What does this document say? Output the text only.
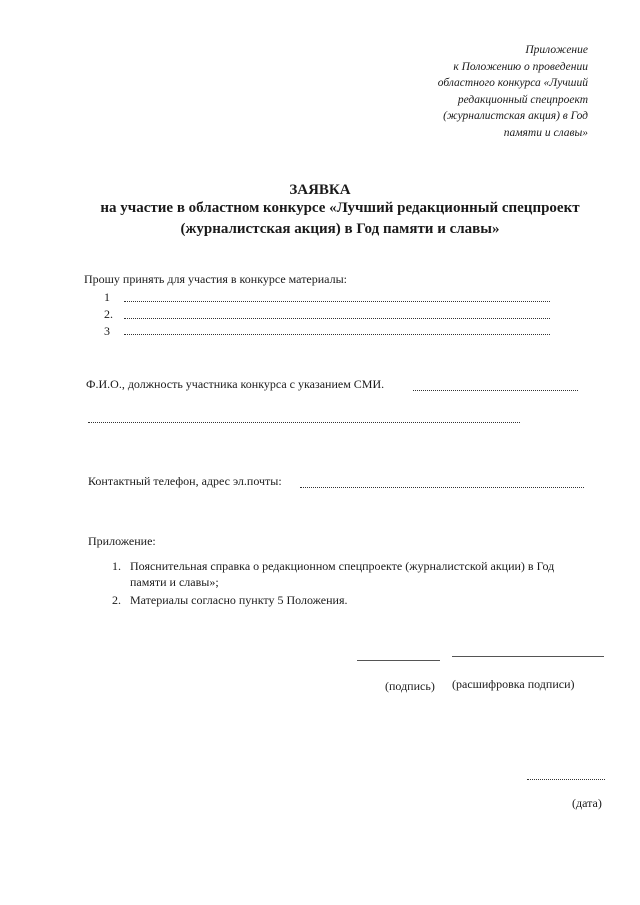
Приложение
к Положению о проведении
областного конкурса «Лучший
редакционный спецпроект
(журналистская акция) в Год
памяти и славы»
ЗАЯВКА
на участие в областном конкурсе «Лучший редакционный спецпроект
(журналистская акция) в Год памяти и славы»
Прошу принять для участия в конкурсе материалы:
1
2.
3
Ф.И.О., должность участника конкурса с указанием СМИ.
Контактный телефон, адрес эл.почты:
Приложение:
1. Пояснительная справка о редакционном спецпроекте (журналистской акции) в Год
памяти и славы»;
2. Материалы согласно пункту 5 Положения.
(подпись) (расшифровка подписи)
(дата)
